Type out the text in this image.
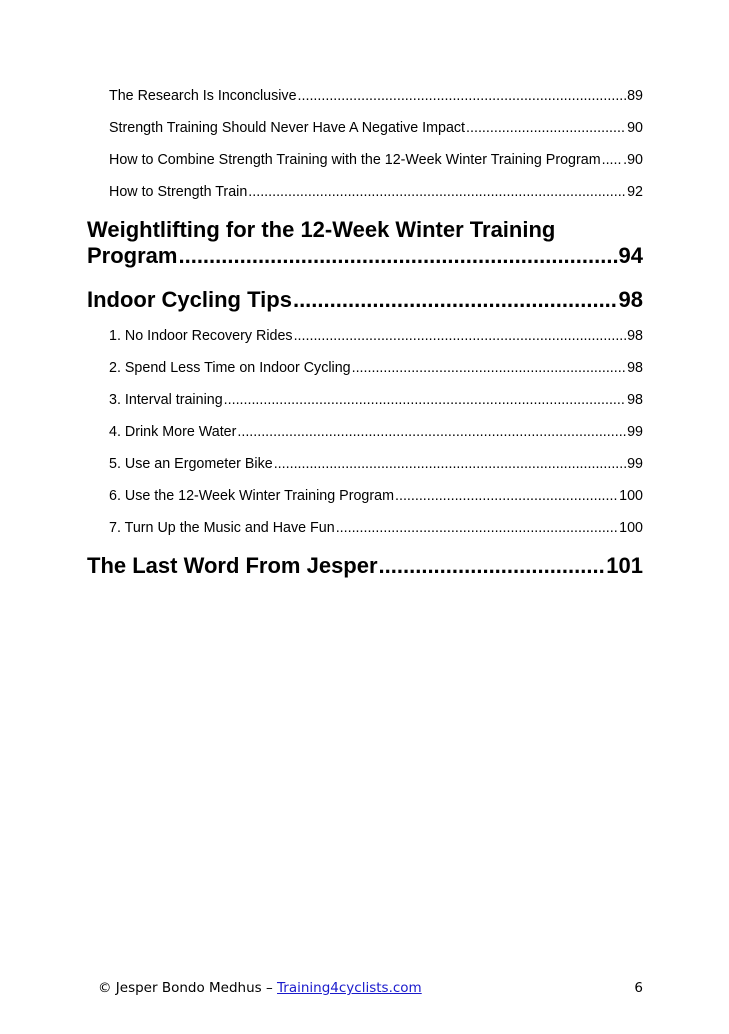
The Research Is Inconclusive .....	89
Strength Training Should Never Have A Negative Impact .....	90
How to Combine Strength Training with the 12-Week Winter Training Program ..... .90
How to Strength Train .....	92
Weightlifting for the 12-Week Winter Training
Program .....	94
Indoor Cycling Tips .....	98
1. No Indoor Recovery Rides .....	98
2. Spend Less Time on Indoor Cycling .....	98
3. Interval training .....	98
4. Drink More Water .....	99
5. Use an Ergometer Bike .....	99
6. Use the 12-Week Winter Training Program .....	100
7. Turn Up the Music and Have Fun .....	100
The Last Word From Jesper .....	101
© Jesper Bondo Medhus – Training4cyclists.com	6
